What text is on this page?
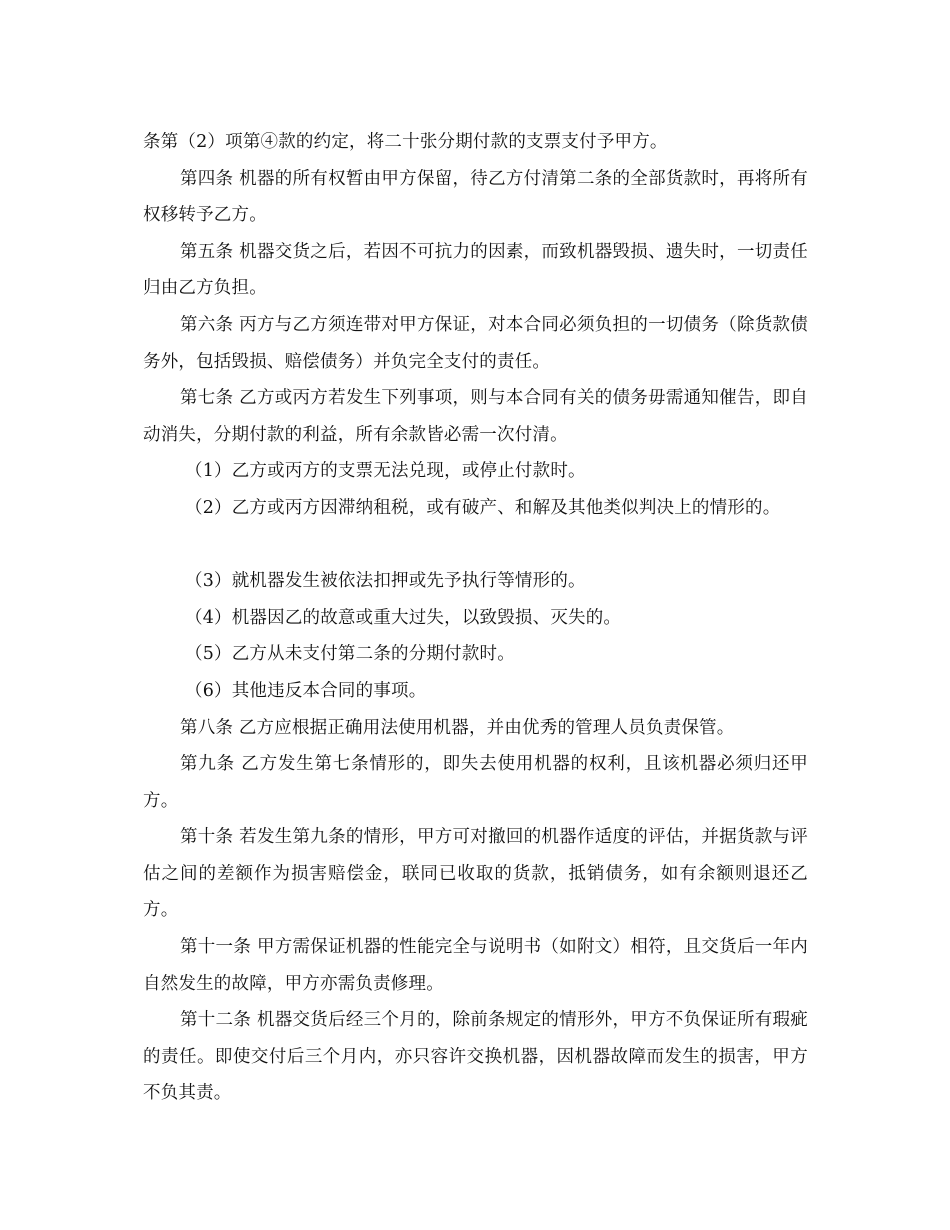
条第（2）项第④款的约定，将二十张分期付款的支票支付予甲方。

第四条 机器的所有权暂由甲方保留，待乙方付清第二条的全部货款时，再将所有权移转予乙方。

第五条 机器交货之后，若因不可抗力的因素，而致机器毁损、遗失时，一切责任归由乙方负担。

第六条 丙方与乙方须连带对甲方保证，对本合同必须负担的一切债务（除货款债务外，包括毁损、赔偿债务）并负完全支付的责任。

第七条 乙方或丙方若发生下列事项，则与本合同有关的债务毋需通知催告，即自动消失，分期付款的利益，所有余款皆必需一次付清。

（1）乙方或丙方的支票无法兑现，或停止付款时。

（2）乙方或丙方因滞纳租税，或有破产、和解及其他类似判决上的情形的。

（3）就机器发生被依法扣押或先予执行等情形的。

（4）机器因乙的故意或重大过失，以致毁损、灭失的。

（5）乙方从未支付第二条的分期付款时。

（6）其他违反本合同的事项。

第八条 乙方应根据正确用法使用机器，并由优秀的管理人员负责保管。

第九条 乙方发生第七条情形的，即失去使用机器的权利，且该机器必须归还甲方。

第十条 若发生第九条的情形，甲方可对撤回的机器作适度的评估，并据货款与评估之间的差额作为损害赔偿金，联同已收取的货款，抵销债务，如有余额则退还乙方。

第十一条 甲方需保证机器的性能完全与说明书（如附文）相符，且交货后一年内自然发生的故障，甲方亦需负责修理。

第十二条 机器交货后经三个月的，除前条规定的情形外，甲方不负保证所有瑕疵的责任。即使交付后三个月内，亦只容许交换机器，因机器故障而发生的损害，甲方不负其责。
